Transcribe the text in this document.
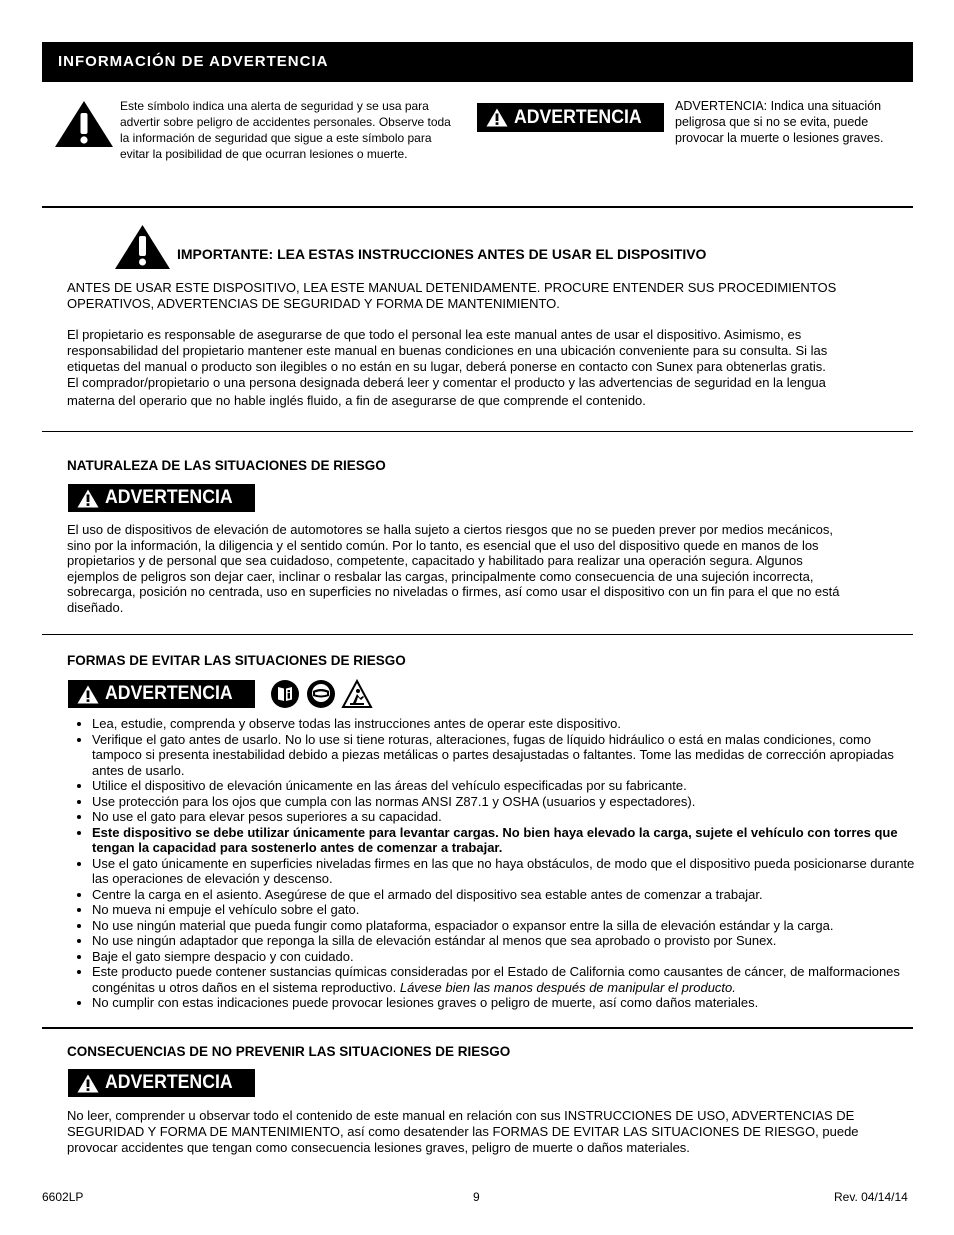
INFORMACIÓN DE ADVERTENCIA
Este símbolo indica una alerta de seguridad y se usa para
advertir sobre peligro de accidentes personales. Observe toda
la información de seguridad que sigue a este símbolo para
evitar la posibilidad de que ocurran lesiones o muerte.
ADVERTENCIA
ADVERTENCIA: Indica una situación
peligrosa que si no se evita, puede
provocar la muerte o lesiones graves.
IMPORTANTE: LEA ESTAS INSTRUCCIONES ANTES DE USAR EL DISPOSITIVO
ANTES DE USAR ESTE DISPOSITIVO, LEA ESTE MANUAL DETENIDAMENTE. PROCURE ENTENDER SUS PROCEDIMIENTOS
OPERATIVOS, ADVERTENCIAS DE SEGURIDAD Y FORMA DE MANTENIMIENTO.
El propietario es responsable de asegurarse de que todo el personal lea este manual antes de usar el dispositivo. Asimismo, es
responsabilidad del propietario mantener este manual en buenas condiciones en una ubicación conveniente para su consulta. Si las
etiquetas del manual o producto son ilegibles o no están en su lugar, deberá ponerse en contacto con Sunex para obtenerlas gratis.
El comprador/propietario o una persona designada deberá leer y comentar el producto y las advertencias de seguridad en la lengua
materna del operario que no hable inglés fluido, a fin de asegurarse de que comprende el contenido.
NATURALEZA DE LAS SITUACIONES DE RIESGO
ADVERTENCIA
El uso de dispositivos de elevación de automotores se halla sujeto a ciertos riesgos que no se pueden prever por medios mecánicos,
sino por la información, la diligencia y el sentido común. Por lo tanto, es esencial que el uso del dispositivo quede en manos de los
propietarios y de personal que sea cuidadoso, competente, capacitado y habilitado para realizar una operación segura. Algunos
ejemplos de peligros son dejar caer, inclinar o resbalar las cargas, principalmente como consecuencia de una sujeción incorrecta,
sobrecarga, posición no centrada, uso en superficies no niveladas o firmes, así como usar el dispositivo con un fin para el que no está
diseñado.
FORMAS DE EVITAR LAS SITUACIONES DE RIESGO
ADVERTENCIA
• Lea, estudie, comprenda y observe todas las instrucciones antes de operar este dispositivo.
• Verifique el gato antes de usarlo. No lo use si tiene roturas, alteraciones, fugas de líquido hidráulico o está en malas condiciones, como tampoco si presenta inestabilidad debido a piezas metálicas o partes desajustadas o faltantes. Tome las medidas de corrección apropiadas antes de usarlo.
• Utilice el dispositivo de elevación únicamente en las áreas del vehículo especificadas por su fabricante.
• Use protección para los ojos que cumpla con las normas ANSI Z87.1 y OSHA (usuarios y espectadores).
• No use el gato para elevar pesos superiores a su capacidad.
• Este dispositivo se debe utilizar únicamente para levantar cargas. No bien haya elevado la carga, sujete el vehículo con torres que tengan la capacidad para sostenerlo antes de comenzar a trabajar.
• Use el gato únicamente en superficies niveladas firmes en las que no haya obstáculos, de modo que el dispositivo pueda posicionarse durante las operaciones de elevación y descenso.
• Centre la carga en el asiento. Asegúrese de que el armado del dispositivo sea estable antes de comenzar a trabajar.
• No mueva ni empuje el vehículo sobre el gato.
• No use ningún material que pueda fungir como plataforma, espaciador o expansor entre la silla de elevación estándar y la carga.
• No use ningún adaptador que reponga la silla de elevación estándar al menos que sea aprobado o provisto por Sunex.
• Baje el gato siempre despacio y con cuidado.
• Este producto puede contener sustancias químicas consideradas por el Estado de California como causantes de cáncer, de malformaciones congénitas u otros daños en el sistema reproductivo. Lávese bien las manos después de manipular el producto.
• No cumplir con estas indicaciones puede provocar lesiones graves o peligro de muerte, así como daños materiales.
CONSECUENCIAS DE NO PREVENIR LAS SITUACIONES DE RIESGO
ADVERTENCIA
No leer, comprender u observar todo el contenido de este manual en relación con sus INSTRUCCIONES DE USO, ADVERTENCIAS DE
SEGURIDAD Y FORMA DE MANTENIMIENTO, así como desatender las FORMAS DE EVITAR LAS SITUACIONES DE RIESGO, puede
provocar accidentes que tengan como consecuencia lesiones graves, peligro de muerte o daños materiales.
6602LP	9	Rev. 04/14/14
